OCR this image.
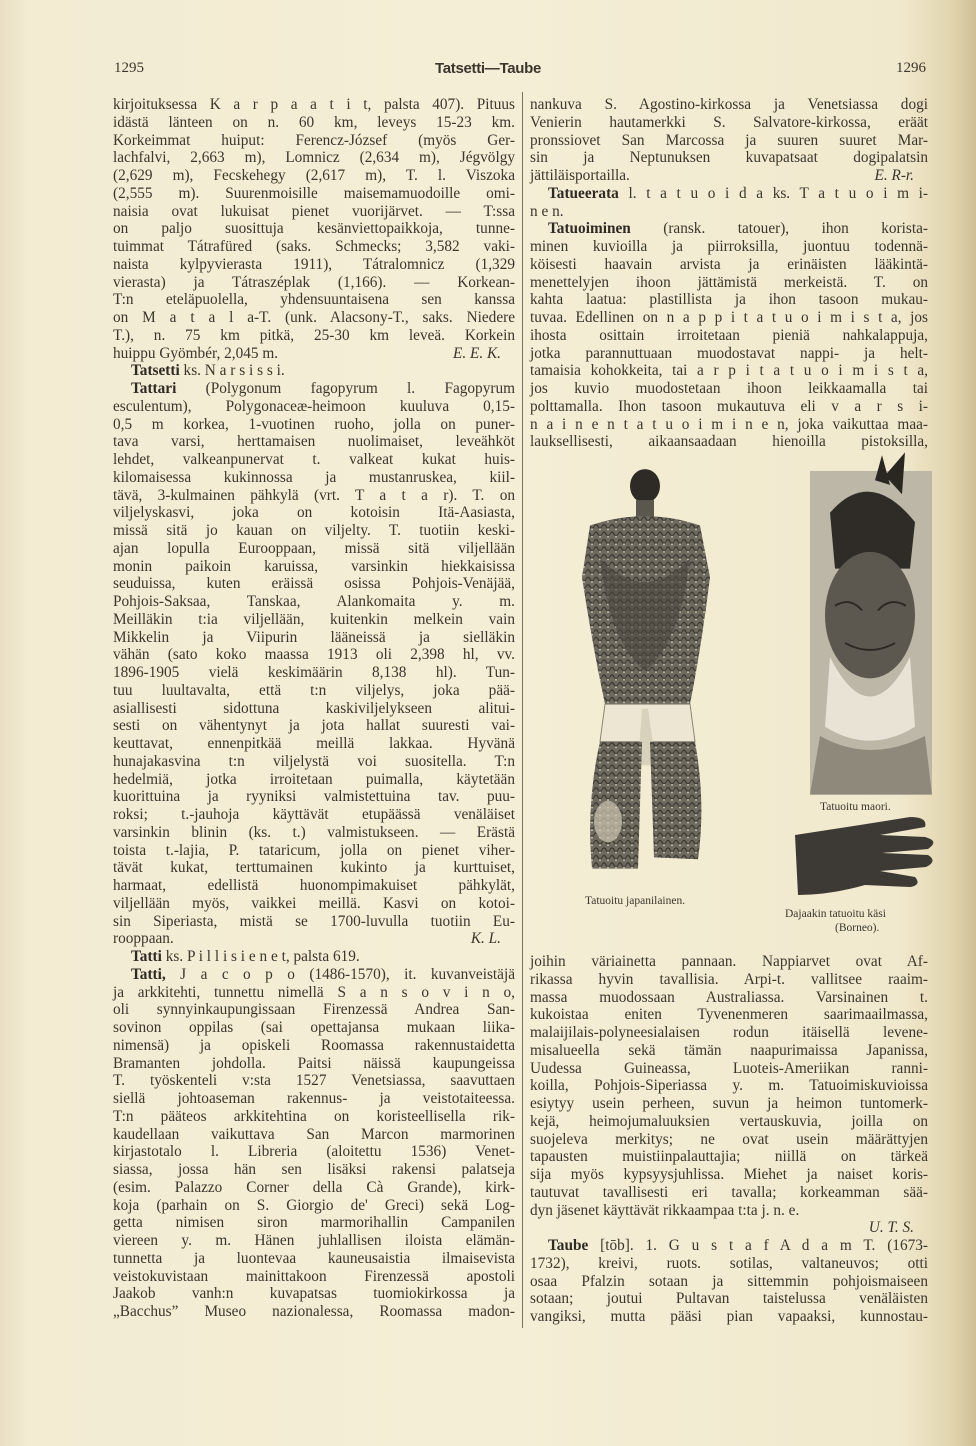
1295	Tatsetti—Taube	1296
kirjoituksessa K a r p a a t i t, palsta 407). Pituus
idästä länteen on n. 60 km, leveys 15-23 km.
Korkeimmat huiput: Ferencz-József (myös Ger-
lachfalvi, 2,663 m), Lomnicz (2,634 m), Jégvölgy
(2,629 m), Fecskehegy (2,617 m), T. l. Viszoka
(2,555 m). Suurenmoisille maisemamuodoille omi-
naisia ovat lukuisat pienet vuorijärvet. — T:ssa
on paljo suosittuja kesänviettopaikkoja, tunne-
tuimmat Tátrafüred (saks. Schmecks; 3,582 vaki-
naista kylpyvierasta 1911), Tátralomnicz (1,329
vierasta) ja Tátraszéplak (1,166). — Korkean-
T:n eteläpuolella, yhdensuuntaisena sen kanssa
on M a t a l a-T. (unk. Alacsony-T., saks. Niedere
T.), n. 75 km pitkä, 25-30 km leveä. Korkein
huippu Gyömbér, 2,045 m.	E. E. K.
Tatsetti ks. N a r s i s s i.
Tattari (Polygonum fagopyrum l. Fagopyrum
esculentum), Polygonaceæ-heimoon kuuluva 0,15-
0,5 m korkea, 1-vuotinen ruoho, jolla on puner-
tava varsi, herttamaisen nuolimaiset, leveähköt
lehdet, valkeanpunervat t. valkeat kukat huis-
kilomaisessa kukinnossa ja mustanruskea, kiil-
tävä, 3-kulmainen pähkylä (vrt. T a t a r). T. on
viljelyskasvi, joka on kotoisin Itä-Aasiasta,
missä sitä jo kauan on viljelty. T. tuotiin keski-
ajan lopulla Eurooppaan, missä sitä viljellään
monin paikoin karuissa, varsinkin hiekkaisissa
seuduissa, kuten eräissä osissa Pohjois-Venäjää,
Pohjois-Saksaa, Tanskaa, Alankomaita y. m.
Meilläkin t:ia viljellään, kuitenkin melkein vain
Mikkelin ja Viipurin lääneissä ja sielläkin
vähän (sato koko maassa 1913 oli 2,398 hl, vv.
1896-1905 vielä keskimäärin 8,138 hl). Tun-
tuu luultavalta, että t:n viljelys, joka pää-
asiallisesti sidottuna kaskiviljelykseen alitui-
sesti on vähentynyt ja jota hallat suuresti vai-
keuttavat, ennenpitkää meillä lakkaa. Hyvänä
hunajakasvina t:n viljelystä voi suositella. T:n
hedelmiä, jotka irroitetaan puimalla, käytetään
kuorittuina ja ryyniksi valmistettuina tav. puu-
roksi; t.-jauhoja käyttävät etupäässä venäläiset
varsinkin blinin (ks. t.) valmistukseen. — Erästä
toista t.-lajia, P. tataricum, jolla on pienet viher-
tävät kukat, terttumainen kukinto ja kurttuiset,
harmaat, edellistä huonompimakuiset pähkylät,
viljellään myös, vaikkei meillä. Kasvi on kotoi-
sin Siperiasta, mistä se 1700-luvulla tuotiin Eu-
rooppaan.	K. L.
Tatti ks. P i l l i s i e n e t, palsta 619.
Tatti, J a c o p o (1486-1570), it. kuvanveistäjä
ja arkkitehti, tunnettu nimellä S a n s o v i n o,
oli synnyinkaupungissaan Firenzessä Andrea San-
sovinon oppilas (sai opettajansa mukaan liika-
nimensä) ja opiskeli Roomassa rakennustaidetta
Bramanten johdolla. Paitsi näissä kaupungeissa
T. työskenteli v:sta 1527 Venetsiassa, saavuttaen
siellä johtoaseman rakennus- ja veistotaiteessa.
T:n pääteos arkkitehtina on koristeellisella rik-
kaudellaan vaikuttava San Marcon marmorinen
kirjastotalo l. Libreria (aloitettu 1536) Venet-
siassa, jossa hän sen lisäksi rakensi palatseja
(esim. Palazzo Corner della Cà Grande), kirk-
koja (parhain on S. Giorgio de' Greci) sekä Log-
getta nimisen siron marmorihallin Campanilen
viereen y. m. Hänen juhlallisen iloista elämän-
tunnetta ja luontevaa kauneusaistia ilmaisevista
veistokuvistaan mainittakoon Firenzessä apostoli
Jaakob vanh:n kuvapatsas tuomiokirkossa ja
„Bacchus” Museo nazionalessa, Roomassa madon-
nankuva S. Agostino-kirkossa ja Venetsiassa dogi
Venierin hautamerkki S. Salvatore-kirkossa, eräät
pronssiovet San Marcossa ja suuren suuret Mar-
sin ja Neptunuksen kuvapatsaat dogipalatsin
jättiläisportailla.	E. R-r.
Tatueerata l. t a t u o i d a ks. T a t u o i m i-
n e n.
Tatuoiminen (ransk. tatouer), ihon korista-
minen kuvioilla ja piirroksilla, juontuu todennä-
köisesti haavain arvista ja erinäisten lääkintä-
menettelyjen ihoon jättämistä merkeistä. T. on
kahta laatua: plastillista ja ihon tasoon mukau-
tuvaa. Edellinen on n a p p i t a t u o i m i s t a, jos
ihosta osittain irroitetaan pieniä nahkalappuja,
jotka parannuttuaan muodostavat nappi- ja helt-
tamaisia kohokkeita, tai a r p i t a t u o i m i s t a,
jos kuvio muodostetaan ihoon leikkaamalla tai
polttamalla. Ihon tasoon mukautuva eli v a r s i-
n a i n e n t a t u o i m i n e n, joka vaikuttaa maa-
lauksellisesti, aikaansaadaan hienoilla pistoksilla,
Tatuoitu japanilainen.
Tatuoitu maori.
Dajaakin tatuoitu käsi
(Borneo).
joihin väriainetta pannaan. Nappiarvet ovat Af-
rikassa hyvin tavallisia. Arpi-t. vallitsee raaim-
massa muodossaan Australiassa. Varsinainen t.
kukoistaa eniten Tyvenenmeren saarimaailmassa,
malaijilais-polyneesialaisen rodun itäisellä levene-
misalueella sekä tämän naapurimaissa Japanissa,
Uudessa Guineassa, Luoteis-Ameriikan ranni-
koilla, Pohjois-Siperiassa y. m. Tatuoimiskuvioissa
esiytyy usein perheen, suvun ja heimon tuntomerk-
kejä, heimojumaluuksien vertauskuvia, joilla on
suojeleva merkitys; ne ovat usein määrättyjen
tapausten muistiinpalauttajia; niillä on tärkeä
sija myös kypsyysjuhlissa. Miehet ja naiset koris-
tautuvat tavallisesti eri tavalla; korkeamman sää-
dyn jäsenet käyttävät rikkaampaa t:ta j. n. e.
U. T. S.
Taube [tōb]. 1. G u s t a f A d a m T. (1673-
1732), kreivi, ruots. sotilas, valtaneuvos; otti
osaa Pfalzin sotaan ja sittemmin pohjoismaiseen
sotaan; joutui Pultavan taistelussa venäläisten
vangiksi, mutta pääsi pian vapaaksi, kunnostau-
